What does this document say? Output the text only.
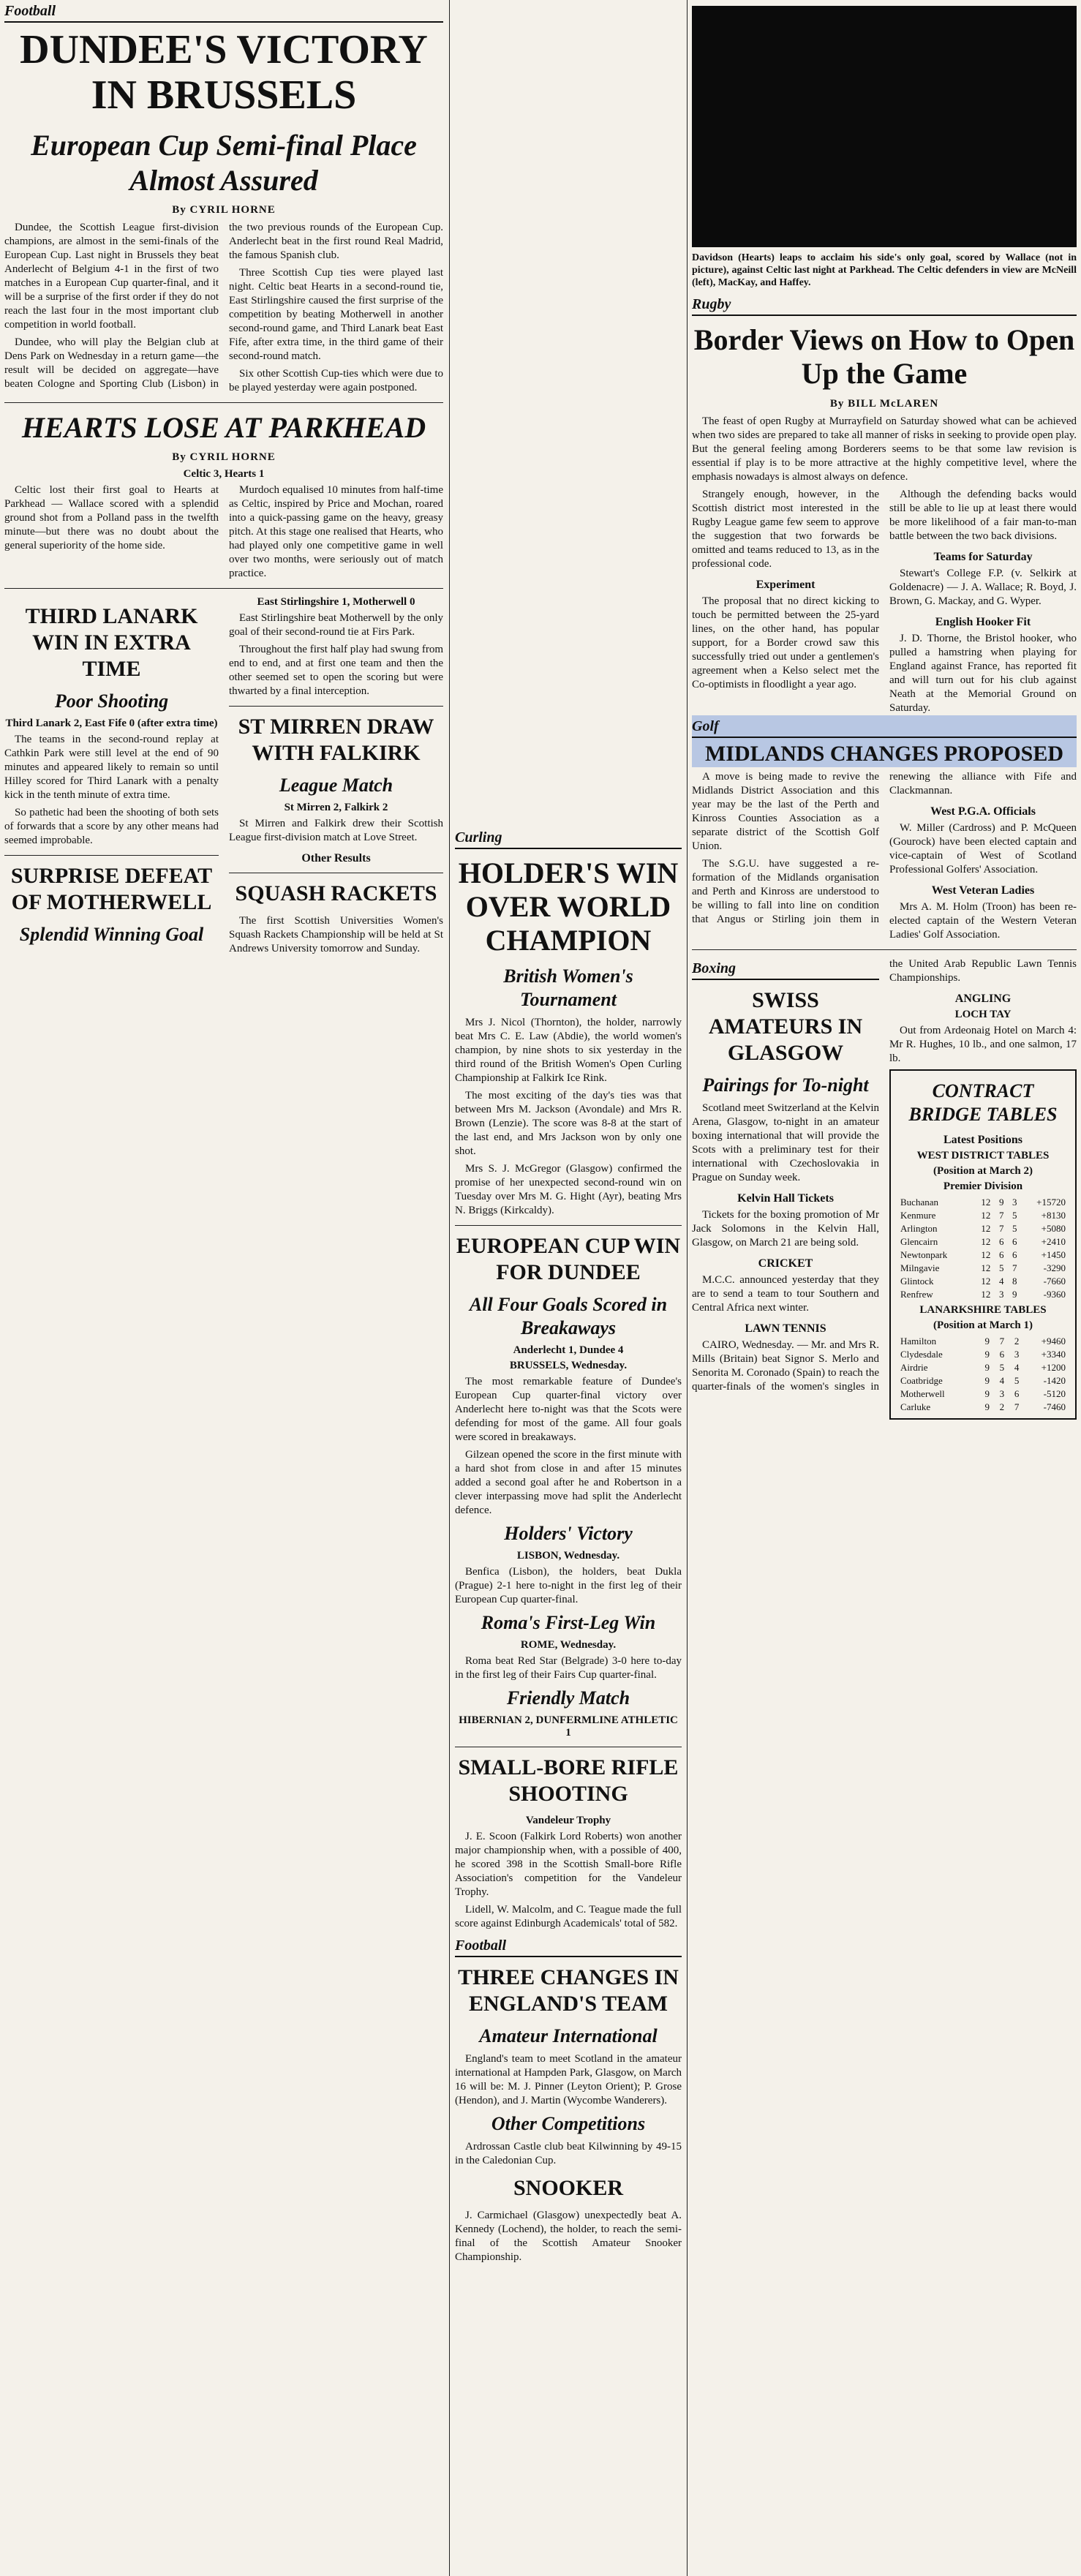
Football
DUNDEE'S VICTORY IN BRUSSELS
European Cup Semi-final Place Almost Assured
By CYRIL HORNE

Dundee, the Scottish League first-division champions, are almost in the semi-finals of the European Cup. Last night in Brussels they beat Anderlecht of Belgium 4-1 in the first of two matches in a European Cup quarter-final, and it will be a surprise of the first order if they do not reach the last four in the most important club competition in world football.

Dundee, who will play the Belgian club at Dens Park on Wednesday in a return game—the result will be decided on aggregate—have beaten Cologne and Sporting Club (Lisbon) in the two previous rounds of the European Cup. Anderlecht beat in the first round Real Madrid, the famous Spanish club.

Three Scottish Cup ties were played last night. Celtic beat Hearts in a second-round tie, East Stirlingshire caused the first surprise of the competition by beating Motherwell in another second-round game, and Third Lanark beat East Fife, after extra time, in the third game of their second-round match.

Six other Scottish Cup-ties which were due to be played yesterday were again postponed.

HEARTS LOSE AT PARKHEAD
By CYRIL HORNE
Celtic 3, Hearts 1

Celtic lost their first goal to Hearts at Parkhead — Wallace scored with a splendid ground shot from a Polland pass in the twelfth minute—but there was no doubt about the general superiority of the home side.

Murdoch equalised 10 minutes from half-time as Celtic, inspired by Price and Mochan, roared into a quick-passing game on the heavy, greasy pitch. At this stage one realised that Hearts, who had played only one competitive game in well over two months, were seriously out of match practice.

THIRD LANARK WIN IN EXTRA TIME
Poor Shooting
Third Lanark 2, East Fife 0 (after extra time)

The teams in the second-round replay at Cathkin Park were still level at the end of 90 minutes and appeared likely to remain so until Hilley scored for Third Lanark with a penalty kick in the tenth minute of extra time.

So pathetic had been the shooting of both sets of forwards that a score by any other means had seemed improbable.

SURPRISE DEFEAT OF MOTHERWELL
Splendid Winning Goal
East Stirlingshire 1, Motherwell 0

East Stirlingshire beat Motherwell by the only goal of their second-round tie at Firs Park.

Throughout the first half play had swung from end to end, and at first one team and then the other seemed set to open the scoring but were thwarted by a final interception.

ST MIRREN DRAW WITH FALKIRK
League Match
St Mirren 2, Falkirk 2

St Mirren and Falkirk drew their Scottish League first-division match at Love Street.

Other Results
SQUASH RACKETS

The first Scottish Universities Women's Squash Rackets Championship will be held at St Andrews University tomorrow and Sunday.

Curling
HOLDER'S WIN OVER WORLD CHAMPION
British Women's Tournament

Mrs J. Nicol (Thornton), the holder, narrowly beat Mrs C. E. Law (Abdie), the world women's champion, by nine shots to six yesterday in the third round of the British Women's Open Curling Championship at Falkirk Ice Rink.

The most exciting of the day's ties was that between Mrs M. Jackson (Avondale) and Mrs R. Brown (Lenzie). The score was 8-8 at the start of the last end, and Mrs Jackson won by only one shot.

Mrs S. J. McGregor (Glasgow) confirmed the promise of her unexpected second-round win on Tuesday over Mrs M. G. Hight (Ayr), beating Mrs N. Briggs (Kirkcaldy).

EUROPEAN CUP WIN FOR DUNDEE
All Four Goals Scored in Breakaways
Anderlecht 1, Dundee 4
BRUSSELS, Wednesday.

The most remarkable feature of Dundee's European Cup quarter-final victory over Anderlecht here to-night was that the Scots were defending for most of the game. All four goals were scored in breakaways.

Gilzean opened the score in the first minute with a hard shot from close in and after 15 minutes added a second goal after he and Robertson in a clever interpassing move had split the Anderlecht defence.

Holders' Victory
LISBON, Wednesday.

Benfica (Lisbon), the holders, beat Dukla (Prague) 2-1 here to-night in the first leg of their European Cup quarter-final.

Roma's First-Leg Win
ROME, Wednesday.

Roma beat Red Star (Belgrade) 3-0 here to-day in the first leg of their Fairs Cup quarter-final.

Friendly Match
HIBERNIAN 2, DUNFERMLINE ATHLETIC 1
SMALL-BORE RIFLE SHOOTING
Vandeleur Trophy

J. E. Scoon (Falkirk Lord Roberts) won another major championship when, with a possible of 400, he scored 398 in the Scottish Small-bore Rifle Association's competition for the Vandeleur Trophy.

Lidell, W. Malcolm, and C. Teague made the full score against Edinburgh Academicals' total of 582.

Football
THREE CHANGES IN ENGLAND'S TEAM
Amateur International

England's team to meet Scotland in the amateur international at Hampden Park, Glasgow, on March 16 will be: M. J. Pinner (Leyton Orient); P. Grose (Hendon), and J. Martin (Wycombe Wanderers).

Other Competitions

Ardrossan Castle club beat Kilwinning by 49-15 in the Caledonian Cup.

SNOOKER

J. Carmichael (Glasgow) unexpectedly beat A. Kennedy (Lochend), the holder, to reach the semi-final of the Scottish Amateur Snooker Championship.

Davidson (Hearts) leaps to acclaim his side's only goal, scored by Wallace (not in picture), against Celtic last night at Parkhead. The Celtic defenders in view are McNeill (left), MacKay, and Haffey.
Rugby
Border Views on How to Open Up the Game
By BILL McLAREN

The feast of open Rugby at Murrayfield on Saturday showed what can be achieved when two sides are prepared to take all manner of risks in seeking to provide open play. But the general feeling among Borderers seems to be that some law revision is essential if play is to be more attractive at the highly competitive level, where the emphasis nowadays is almost always on defence.

Strangely enough, however, in the Scottish district most interested in the Rugby League game few seem to approve the suggestion that two forwards be omitted and teams reduced to 13, as in the professional code.

Experiment

The proposal that no direct kicking to touch be permitted between the 25-yard lines, on the other hand, has popular support, for a Border crowd saw this successfully tried out under a gentlemen's agreement when a Kelso select met the Co-optimists in floodlight a year ago.

Although the defending backs would still be able to lie up at least there would be more likelihood of a fair man-to-man battle between the two back divisions.

Teams for Saturday

Stewart's College F.P. (v. Selkirk at Goldenacre) — J. A. Wallace; R. Boyd, J. Brown, G. Mackay, and G. Wyper.

English Hooker Fit

J. D. Thorne, the Bristol hooker, who pulled a hamstring when playing for England against France, has reported fit and will turn out for his club against Neath at the Memorial Ground on Saturday.

Golf
MIDLANDS CHANGES PROPOSED

A move is being made to revive the Midlands District Association and this year may be the last of the Perth and Kinross Counties Association as a separate district of the Scottish Golf Union.

The S.G.U. have suggested a re-formation of the Midlands organisation and Perth and Kinross are understood to be willing to fall into line on condition that Angus or Stirling join them in renewing the alliance with Fife and Clackmannan.

West P.G.A. Officials

W. Miller (Cardross) and P. McQueen (Gourock) have been elected captain and vice-captain of West of Scotland Professional Golfers' Association.

West Veteran Ladies

Mrs A. M. Holm (Troon) has been re-elected captain of the Western Veteran Ladies' Golf Association.

Boxing
SWISS AMATEURS IN GLASGOW
Pairings for To-night

Scotland meet Switzerland at the Kelvin Arena, Glasgow, to-night in an amateur boxing international that will provide the Scots with a preliminary test for their international with Czechoslovakia in Prague on Sunday week.

Kelvin Hall Tickets

Tickets for the boxing promotion of Mr Jack Solomons in the Kelvin Hall, Glasgow, on March 21 are being sold.

CRICKET

M.C.C. announced yesterday that they are to send a team to tour Southern and Central Africa next winter.

LAWN TENNIS

CAIRO, Wednesday. — Mr. and Mrs R. Mills (Britain) beat Signor S. Merlo and Senorita M. Coronado (Spain) to reach the quarter-finals of the women's singles in the United Arab Republic Lawn Tennis Championships.

ANGLING
LOCH TAY

Out from Ardeonaig Hotel on March 4: Mr R. Hughes, 10 lb., and one salmon, 17 lb.

CONTRACT BRIDGE TABLES
Latest Positions
WEST DISTRICT TABLES
(Position at March 2)
Premier Division
Buchanan	12	9	3	+15720
Kenmure	12	7	5	+8130
Arlington	12	7	5	+5080
Glencairn	12	6	6	+2410
Newtonpark	12	6	6	+1450
Milngavie	12	5	7	-3290
Glintock	12	4	8	-7660
Renfrew	12	3	9	-9360
LANARKSHIRE TABLES
(Position at March 1)
Hamilton	9	7	2	+9460
Clydesdale	9	6	3	+3340
Airdrie	9	5	4	+1200
Coatbridge	9	4	5	-1420
Motherwell	9	3	6	-5120
Carluke	9	2	7	-7460
